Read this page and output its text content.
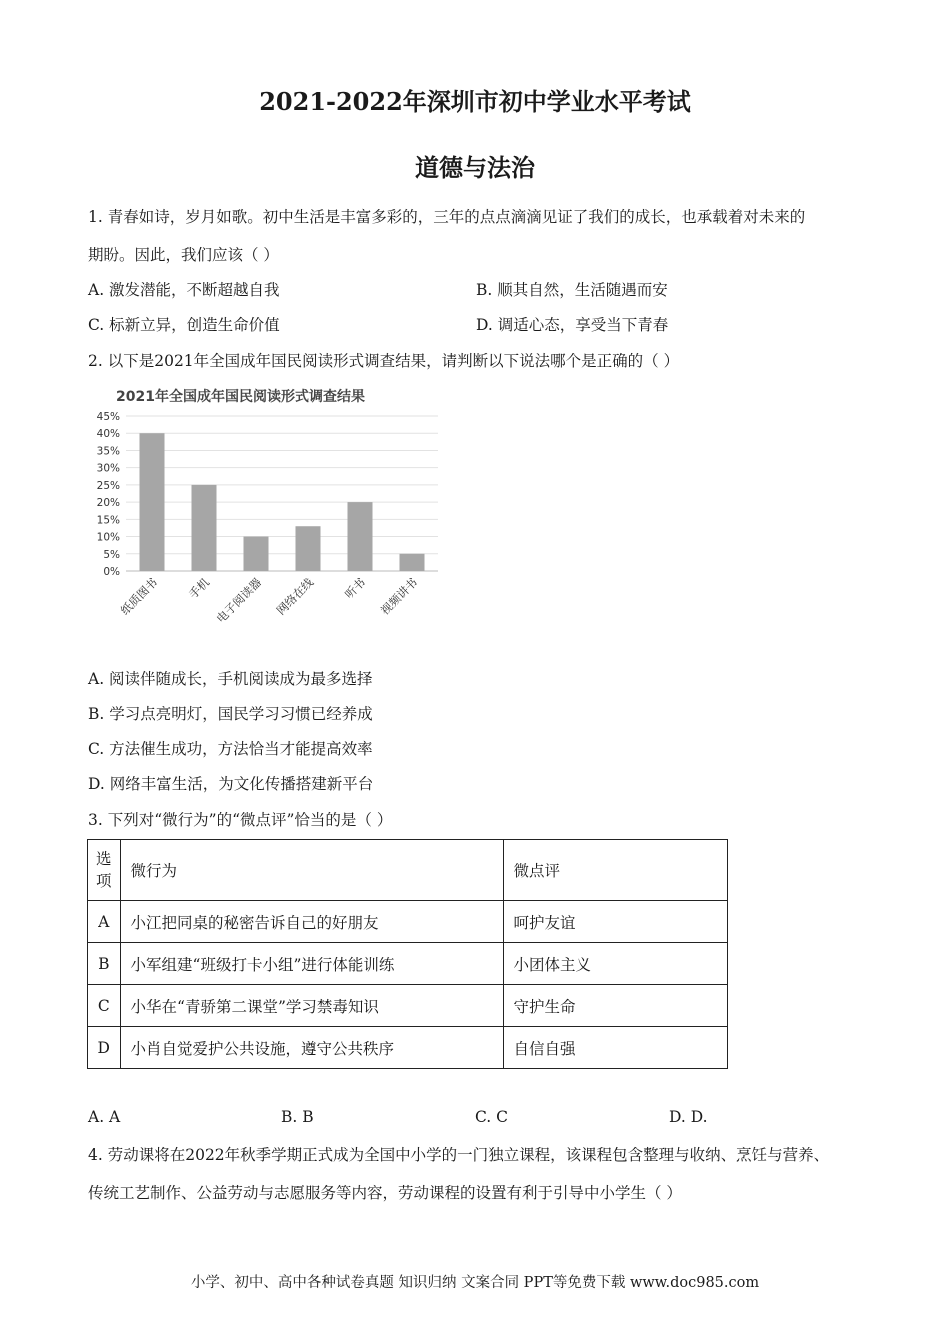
2021-2022年深圳市初中学业水平考试
道德与法治
1. 青春如诗，岁月如歌。初中生活是丰富多彩的，三年的点点滴滴见证了我们的成长，也承载着对未来的
期盼。因此，我们应该（ ）
A. 激发潜能，不断超越自我	B. 顺其自然，生活随遇而安
C. 标新立异，创造生命价值	D. 调适心态，享受当下青春
2. 以下是2021年全国成年国民阅读形式调查结果，请判断以下说法哪个是正确的（ ）
2021年全国成年国民阅读形式调查结果
0%
5%
10%
15%
20%
25%
30%
35%
40%
45%
纸质图书 手机 电子阅读器 网络在线 听书 视频讲书
A. 阅读伴随成长，手机阅读成为最多选择
B. 学习点亮明灯，国民学习习惯已经养成
C. 方法催生成功，方法恰当才能提高效率
D. 网络丰富生活，为文化传播搭建新平台
3. 下列对“微行为”的“微点评”恰当的是（ ）
选项	微行为	微点评
A	小江把同桌的秘密告诉自己的好朋友	呵护友谊
B	小军组建“班级打卡小组”进行体能训练	小团体主义
C	小华在“青骄第二课堂”学习禁毒知识	守护生命
D	小肖自觉爱护公共设施，遵守公共秩序	自信自强
A. A	B. B	C. C	D. D.
4. 劳动课将在2022年秋季学期正式成为全国中小学的一门独立课程，该课程包含整理与收纳、烹饪与营养、
传统工艺制作、公益劳动与志愿服务等内容，劳动课程的设置有利于引导中小学生（ ）
小学、初中、高中各种试卷真题 知识归纳 文案合同 PPT等免费下载 www.doc985.com
